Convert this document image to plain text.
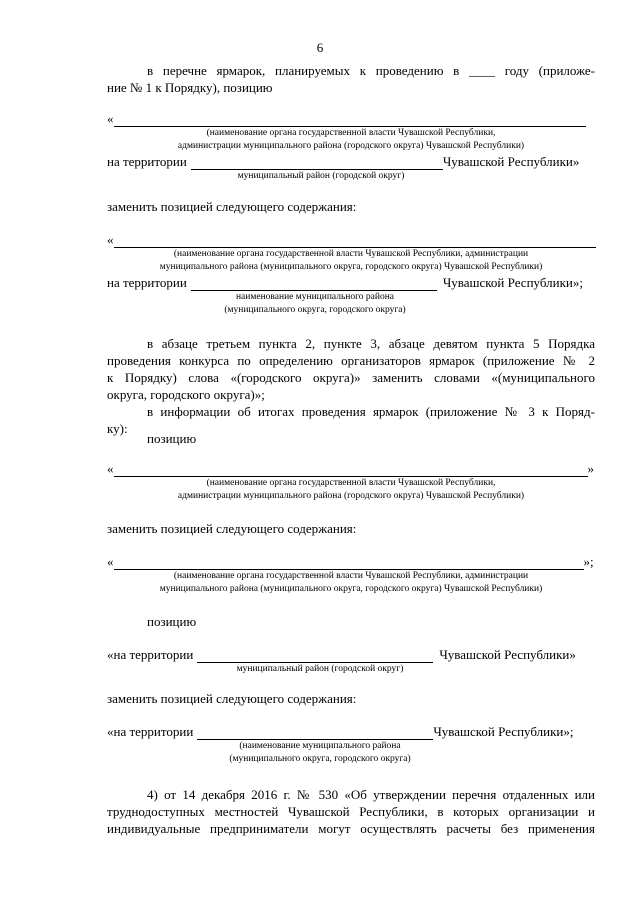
6
в перечне ярмарок, планируемых к проведению в ____ году (приложе-
ние № 1 к Порядку), позицию
«
(наименование органа государственной власти Чувашской Республики,
администрации муниципального района (городского округа) Чувашской Республики)
на территории	Чувашской Республики»
муниципальный район (городской округ)
заменить позицией следующего содержания:
«
(наименование органа государственной власти Чувашской Республики, администрации
муниципального района (муниципального округа, городского округа) Чувашской Республики)
на территории	Чувашской Республики»;
наименование муниципального района
(муниципального округа, городского округа)
в абзаце третьем пункта 2, пункте 3, абзаце девятом пункта 5 Порядка
проведения конкурса по определению организаторов ярмарок (приложение № 2
к Порядку) слова «(городского округа)» заменить словами «(муниципального
округа, городского округа)»;
в информации об итогах проведения ярмарок (приложение № 3 к Поряд-
ку):
позицию
«	»
(наименование органа государственной власти Чувашской Республики,
администрации муниципального района (городского округа) Чувашской Республики)
заменить позицией следующего содержания:
«	»;
(наименование органа государственной власти Чувашской Республики, администрации
муниципального района (муниципального округа, городского округа) Чувашской Республики)
позицию
«на территории	Чувашской Республики»
муниципальный район (городской округ)
заменить позицией следующего содержания:
«на территории	Чувашской Республики»;
(наименование муниципального района
(муниципального округа, городского округа)
4) от 14 декабря 2016 г. № 530 «Об утверждении перечня отдаленных или
труднодоступных местностей Чувашской Республики, в которых организации и
индивидуальные предприниматели могут осуществлять расчеты без применения
